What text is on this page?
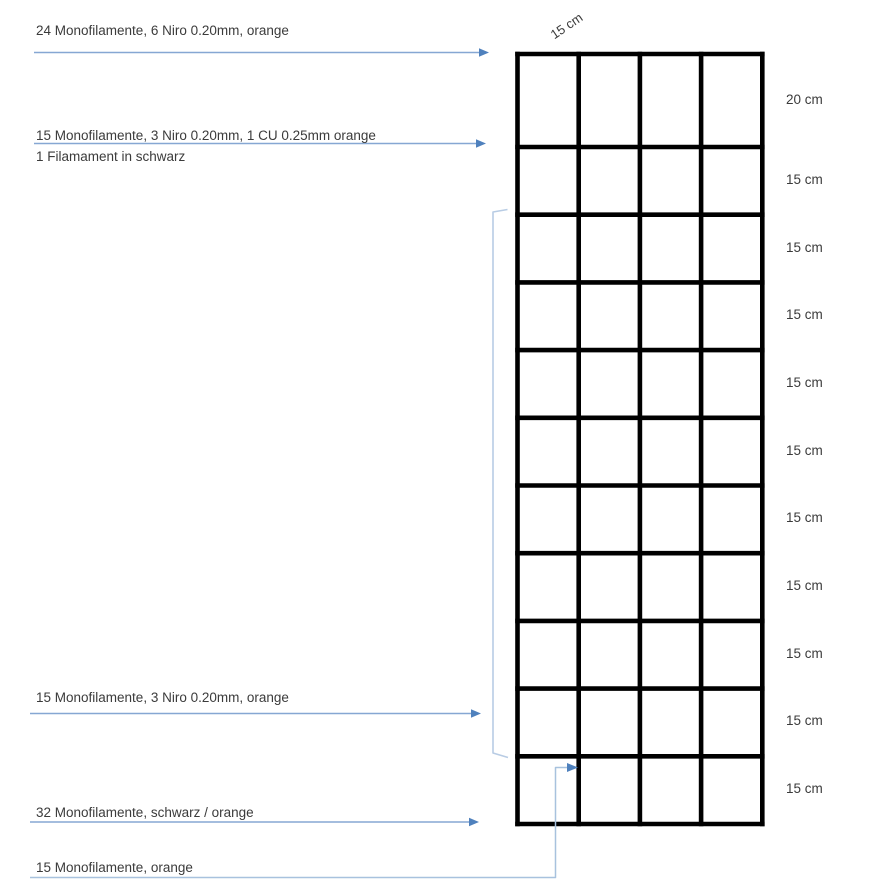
24 Monofilamente, 6 Niro 0.20mm, orange
15 Monofilamente, 3 Niro 0.20mm, 1 CU 0.25mm orange
1 Filamament in schwarz
15 Monofilamente, 3 Niro 0.20mm, orange
32 Monofilamente, schwarz / orange
15 Monofilamente, orange
15 cm
20 cm
15 cm
15 cm
15 cm
15 cm
15 cm
15 cm
15 cm
15 cm
15 cm
15 cm
